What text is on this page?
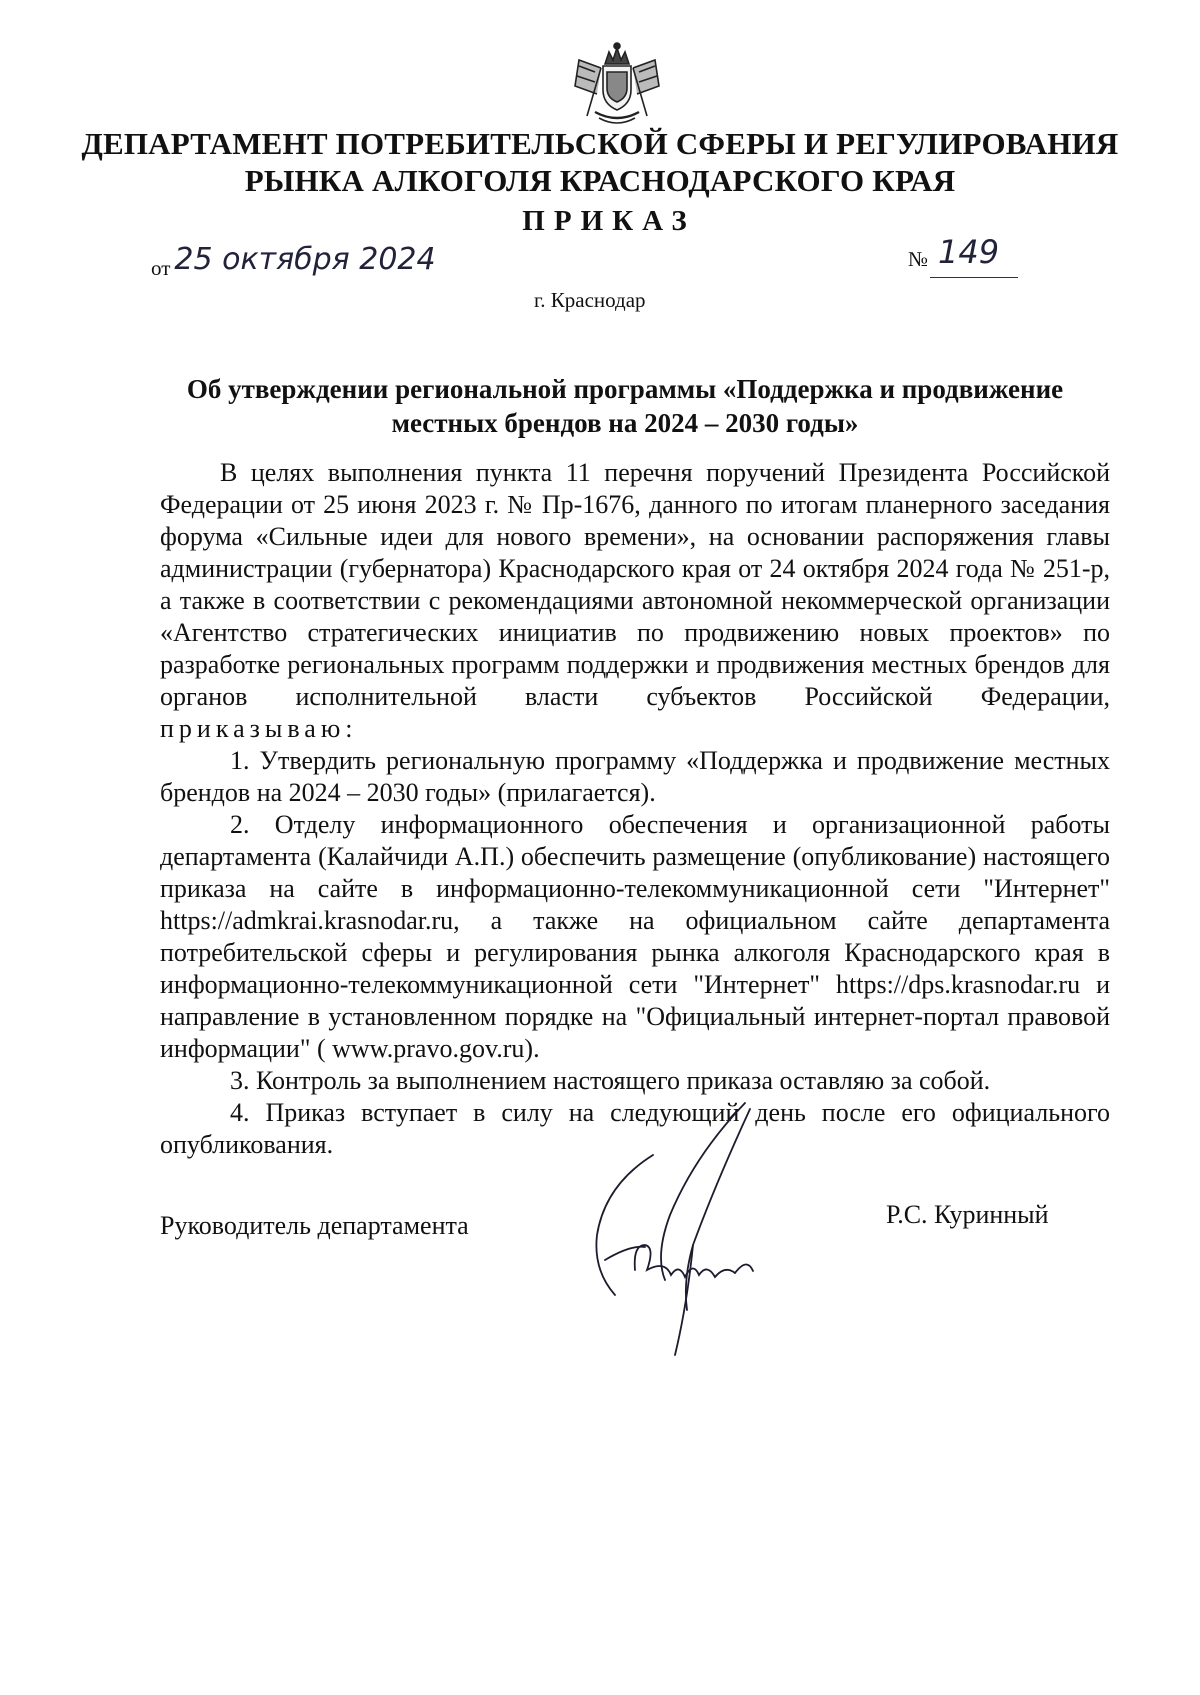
ДЕПАРТАМЕНТ ПОТРЕБИТЕЛЬСКОЙ СФЕРЫ И РЕГУЛИРОВАНИЯ
РЫНКА АЛКОГОЛЯ КРАСНОДАРСКОГО КРАЯ
ПРИКАЗ
от 25 октября 2024	№ 149
г. Краснодар
Об утверждении региональной программы «Поддержка и продвижение
местных брендов на 2024 – 2030 годы»

В целях выполнения пункта 11 перечня поручений Президента Российской Федерации от 25 июня 2023 г. № Пр-1676, данного по итогам планерного заседания форума «Сильные идеи для нового времени», на основании распоряжения главы администрации (губернатора) Краснодарского края от 24 октября 2024 года № 251-р, а также в соответствии с рекомендациями автономной некоммерческой организации «Агентство стратегических инициатив по продвижению новых проектов» по разработке региональных программ поддержки и продвижения местных брендов для органов исполнительной власти субъектов Российской Федерации,

приказываю:

1. Утвердить региональную программу «Поддержка и продвижение местных брендов на 2024 – 2030 годы» (прилагается).

2. Отделу информационного обеспечения и организационной работы департамента (Калайчиди А.П.) обеспечить размещение (опубликование) настоящего приказа на сайте в информационно-телекоммуникационной сети "Интернет" https://admkrai.krasnodar.ru, а также на официальном сайте департамента потребительской сферы и регулирования рынка алкоголя Краснодарского края в информационно-телекоммуникационной сети "Интернет" https://dps.krasnodar.ru и направление в установленном порядке на "Официальный интернет-портал правовой информации" ( www.pravo.gov.ru).

3. Контроль за выполнением настоящего приказа оставляю за собой.

4. Приказ вступает в силу на следующий день после его официального опубликования.

Руководитель департамента	Р.С. Куринный
